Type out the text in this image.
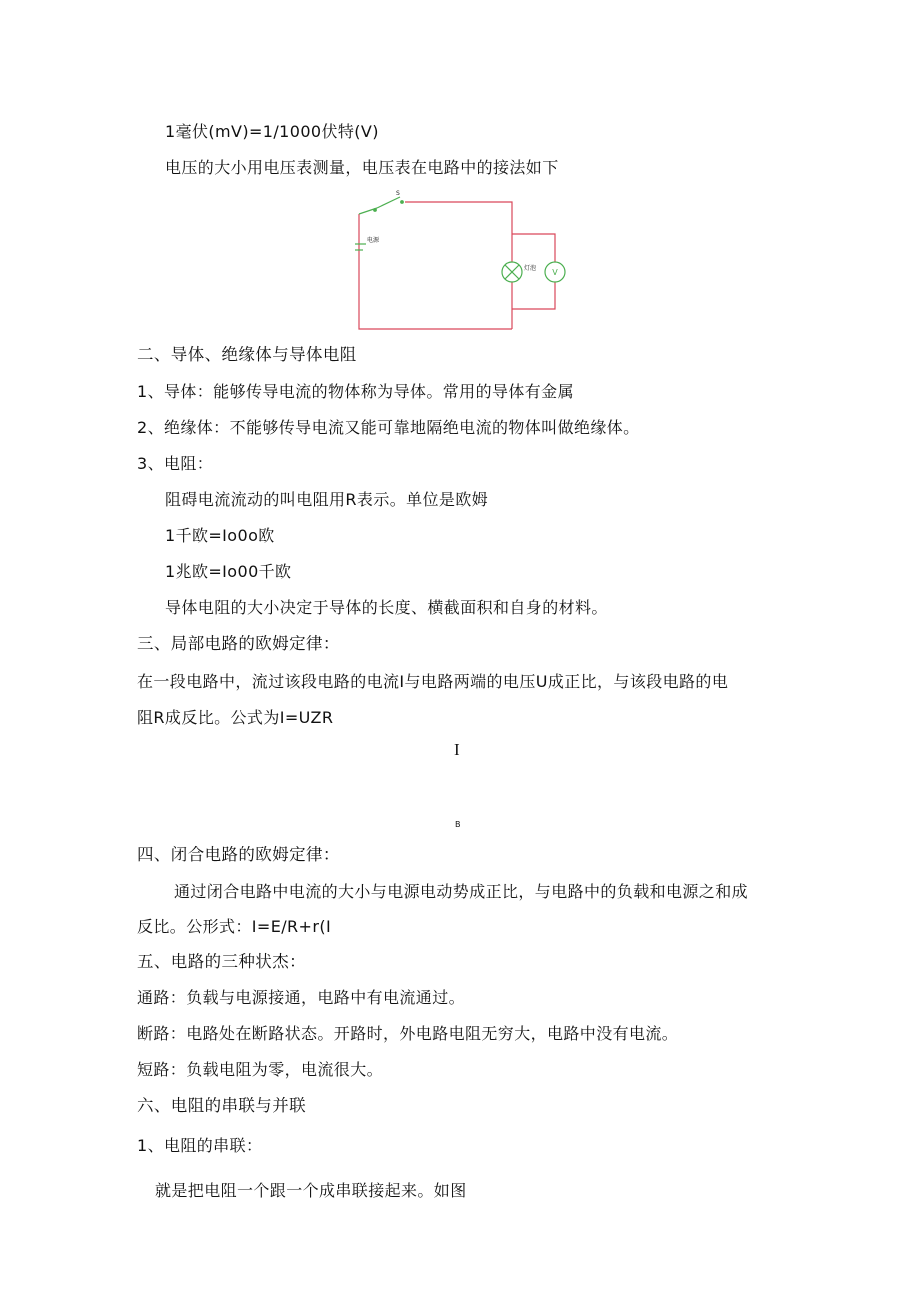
1毫伏(mV)=1/1000伏特(V)
电压的大小用电压表测量，电压表在电路中的接法如下
S
电源
灯泡 V
二、导体、绝缘体与导体电阻
1、导体：能够传导电流的物体称为导体。常用的导体有金属
2、绝缘体：不能够传导电流又能可靠地隔绝电流的物体叫做绝缘体。
3、电阻：
阻碍电流流动的叫电阻用R表示。单位是欧姆
1千欧=Io0o欧
1兆欧=Io00千欧
导体电阻的大小决定于导体的长度、横截面积和自身的材料。
三、局部电路的欧姆定律：
在一段电路中，流过该段电路的电流I与电路两端的电压U成正比，与该段电路的电
阻R成反比。公式为I=UZR
I
B
四、闭合电路的欧姆定律：
通过闭合电路中电流的大小与电源电动势成正比，与电路中的负载和电源之和成
反比。公形式：I=E/R+r(I
五、电路的三种状杰：
通路：负载与电源接通，电路中有电流通过。
断路：电路处在断路状态。开路时，外电路电阻无穷大，电路中没有电流。
短路：负载电阻为零，电流很大。
六、电阻的串联与并联
1、电阻的串联：
就是把电阻一个跟一个成串联接起来。如图
